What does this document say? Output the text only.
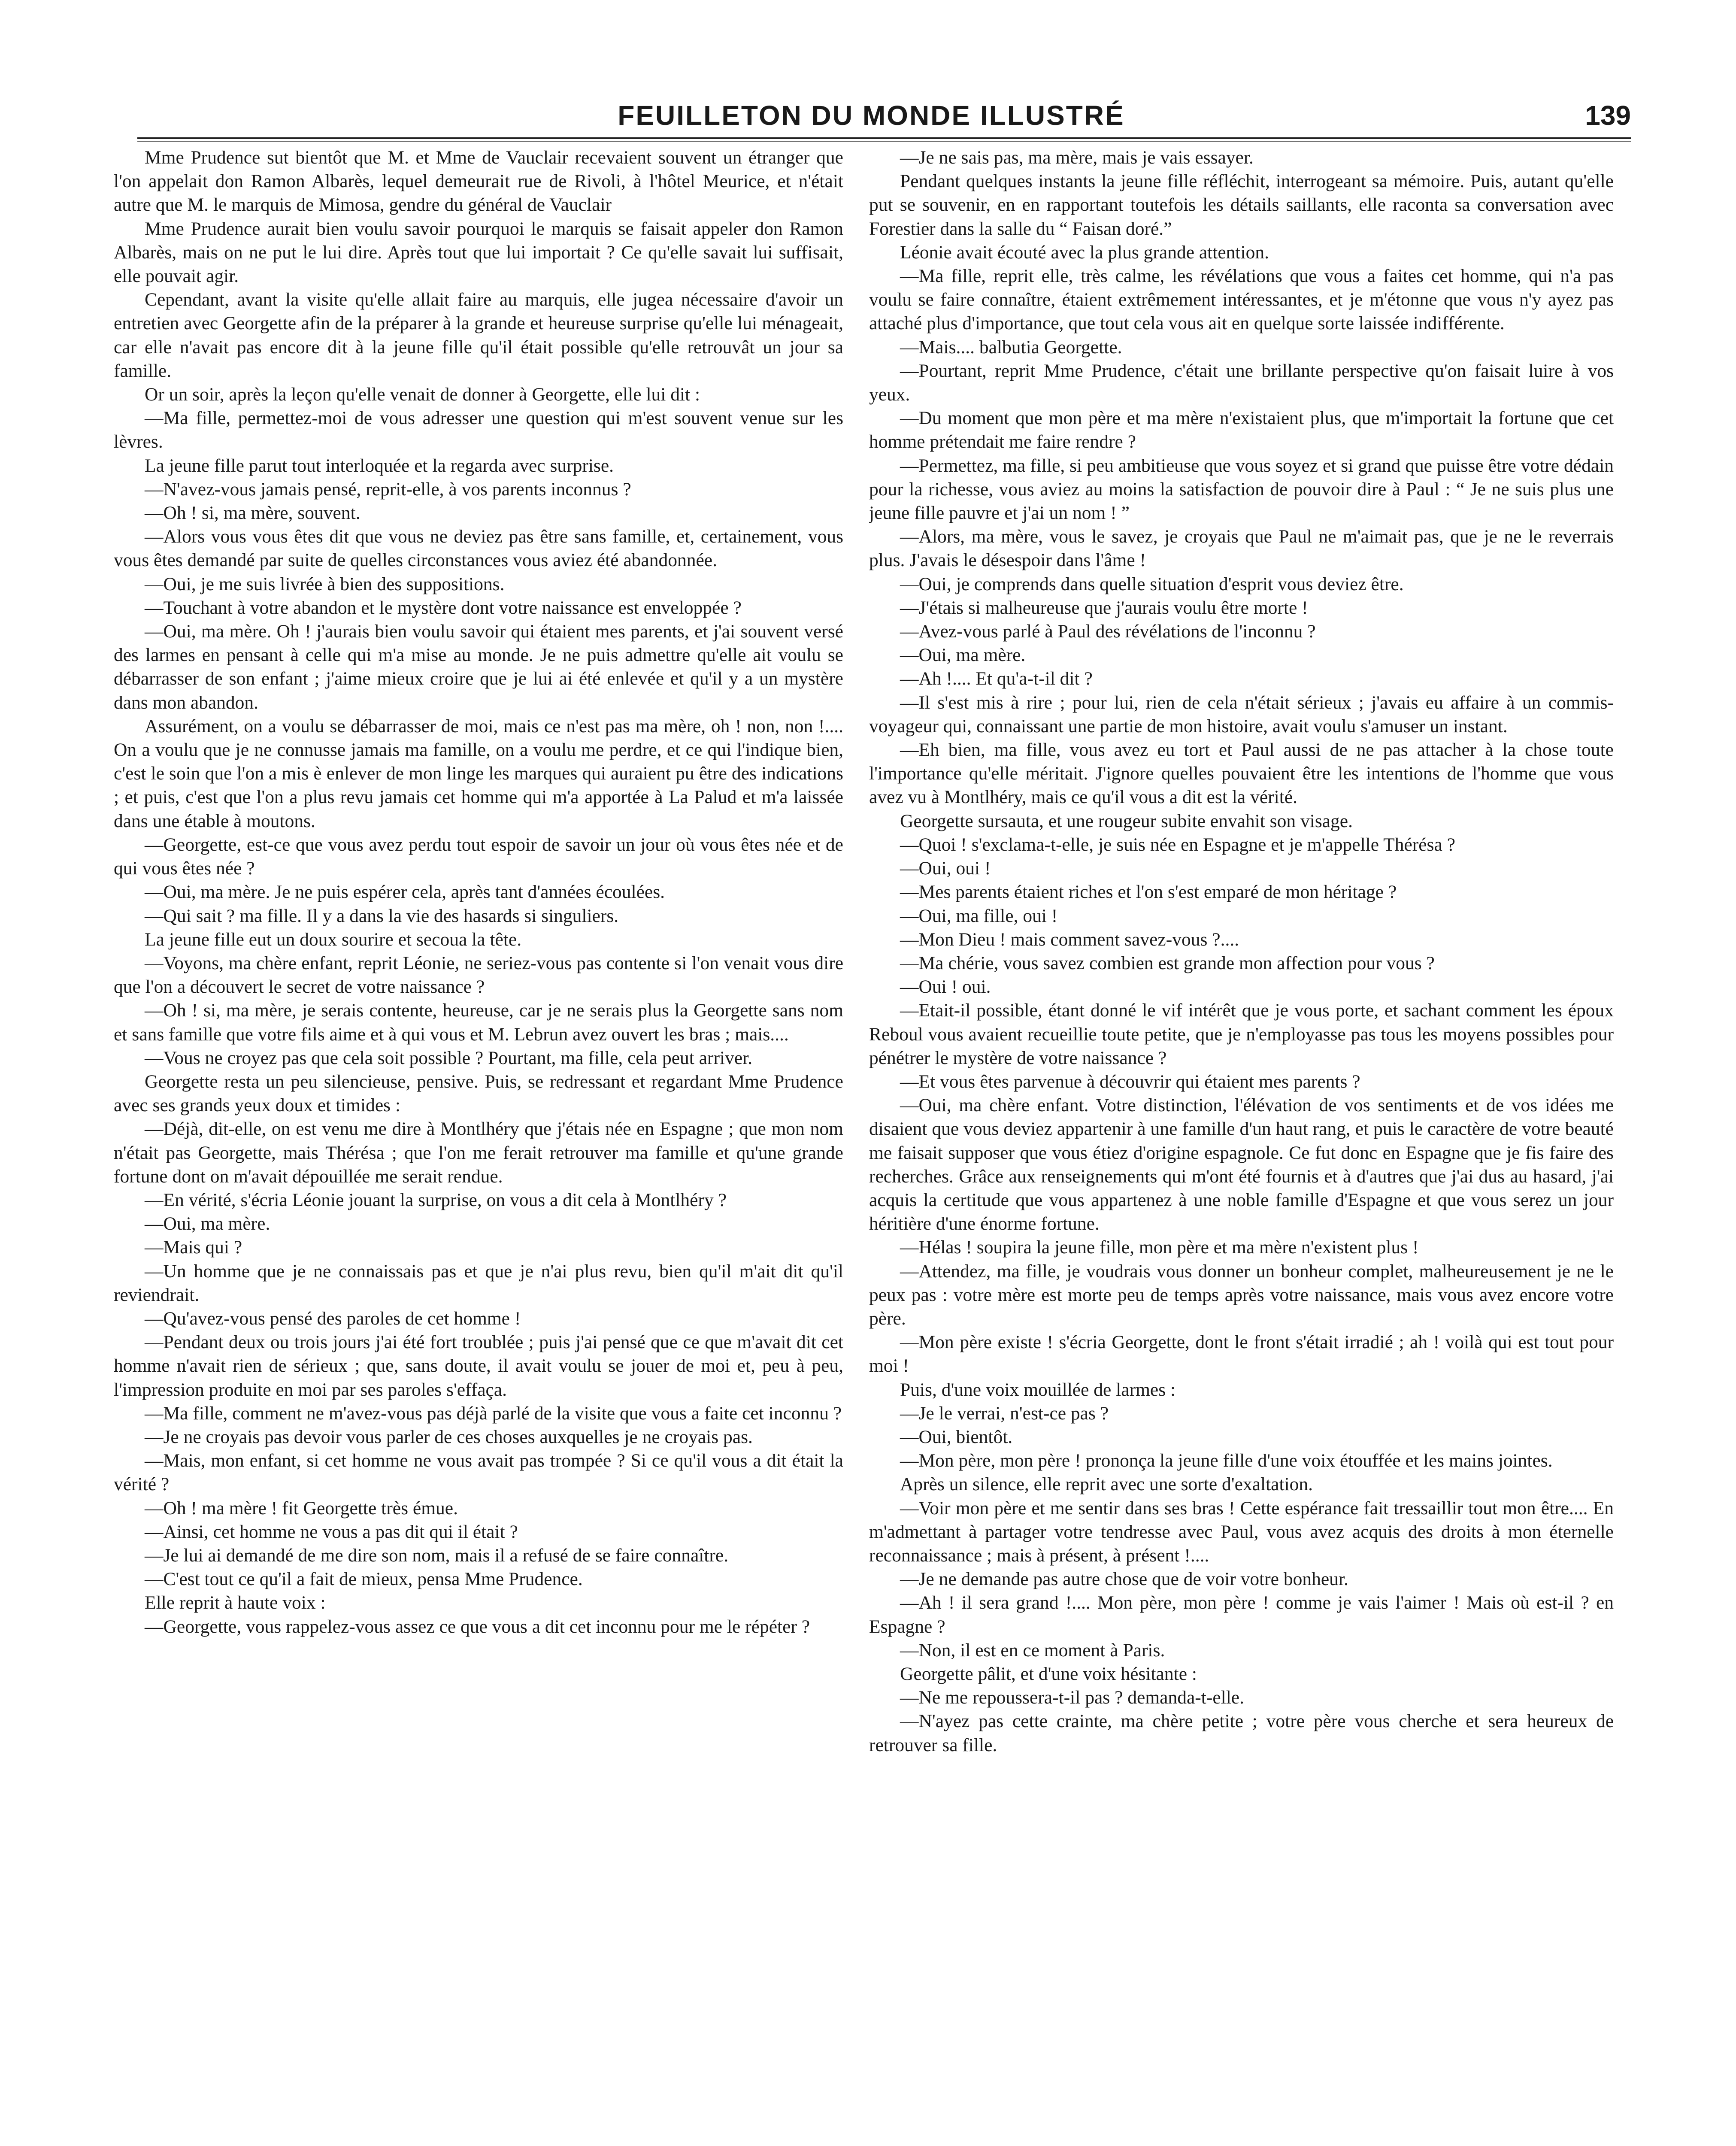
FEUILLETON DU MONDE ILLUSTRÉ	139

Mme Prudence sut bientôt que M. et Mme de Vauclair recevaient souvent un étranger que l'on appelait don Ramon Albarès, lequel demeurait rue de Rivoli, à l'hôtel Meurice, et n'était autre que M. le marquis de Mimosa, gendre du général de Vauclair

Mme Prudence aurait bien voulu savoir pourquoi le marquis se faisait appeler don Ramon Albarès, mais on ne put le lui dire. Après tout que lui importait ? Ce qu'elle savait lui suffisait, elle pouvait agir.

Cependant, avant la visite qu'elle allait faire au marquis, elle jugea nécessaire d'avoir un entretien avec Georgette afin de la préparer à la grande et heureuse surprise qu'elle lui ménageait, car elle n'avait pas encore dit à la jeune fille qu'il était possible qu'elle retrouvât un jour sa famille.

Or un soir, après la leçon qu'elle venait de donner à Georgette, elle lui dit :

—Ma fille, permettez-moi de vous adresser une question qui m'est souvent venue sur les lèvres.

La jeune fille parut tout interloquée et la regarda avec surprise.

—N'avez-vous jamais pensé, reprit-elle, à vos parents inconnus ?

—Oh ! si, ma mère, souvent.

—Alors vous vous êtes dit que vous ne deviez pas être sans famille, et, certainement, vous vous êtes demandé par suite de quelles circonstances vous aviez été abandonnée.

—Oui, je me suis livrée à bien des suppositions.

—Touchant à votre abandon et le mystère dont votre naissance est enveloppée ?

—Oui, ma mère. Oh ! j'aurais bien voulu savoir qui étaient mes parents, et j'ai souvent versé des larmes en pensant à celle qui m'a mise au monde. Je ne puis admettre qu'elle ait voulu se débarrasser de son enfant ; j'aime mieux croire que je lui ai été enlevée et qu'il y a un mystère dans mon abandon.

Assurément, on a voulu se débarrasser de moi, mais ce n'est pas ma mère, oh ! non, non !.... On a voulu que je ne connusse jamais ma famille, on a voulu me perdre, et ce qui l'indique bien, c'est le soin que l'on a mis è enlever de mon linge les marques qui auraient pu être des indications ; et puis, c'est que l'on a plus revu jamais cet homme qui m'a apportée à La Palud et m'a laissée dans une étable à moutons.

—Georgette, est-ce que vous avez perdu tout espoir de savoir un jour où vous êtes née et de qui vous êtes née ?

—Oui, ma mère. Je ne puis espérer cela, après tant d'années écoulées.

—Qui sait ? ma fille. Il y a dans la vie des hasards si singuliers.

La jeune fille eut un doux sourire et secoua la tête.

—Voyons, ma chère enfant, reprit Léonie, ne seriez-vous pas contente si l'on venait vous dire que l'on a découvert le secret de votre naissance ?

—Oh ! si, ma mère, je serais contente, heureuse, car je ne serais plus la Georgette sans nom et sans famille que votre fils aime et à qui vous et M. Lebrun avez ouvert les bras ; mais....

—Vous ne croyez pas que cela soit possible ? Pourtant, ma fille, cela peut arriver.

Georgette resta un peu silencieuse, pensive. Puis, se redressant et regardant Mme Prudence avec ses grands yeux doux et timides :

—Déjà, dit-elle, on est venu me dire à Montlhéry que j'étais née en Espagne ; que mon nom n'était pas Georgette, mais Thérésa ; que l'on me ferait retrouver ma famille et qu'une grande fortune dont on m'avait dépouillée me serait rendue.

—En vérité, s'écria Léonie jouant la surprise, on vous a dit cela à Montlhéry ?

—Oui, ma mère.

—Mais qui ?

—Un homme que je ne connaissais pas et que je n'ai plus revu, bien qu'il m'ait dit qu'il reviendrait.

—Qu'avez-vous pensé des paroles de cet homme !

—Pendant deux ou trois jours j'ai été fort troublée ; puis j'ai pensé que ce que m'avait dit cet homme n'avait rien de sérieux ; que, sans doute, il avait voulu se jouer de moi et, peu à peu, l'impression produite en moi par ses paroles s'effaça.

—Ma fille, comment ne m'avez-vous pas déjà parlé de la visite que vous a faite cet inconnu ?

—Je ne croyais pas devoir vous parler de ces choses auxquelles je ne croyais pas.

—Mais, mon enfant, si cet homme ne vous avait pas trompée ? Si ce qu'il vous a dit était la vérité ?

—Oh ! ma mère ! fit Georgette très émue.

—Ainsi, cet homme ne vous a pas dit qui il était ?

—Je lui ai demandé de me dire son nom, mais il a refusé de se faire connaître.

—C'est tout ce qu'il a fait de mieux, pensa Mme Prudence.

Elle reprit à haute voix :

—Georgette, vous rappelez-vous assez ce que vous a dit cet inconnu pour me le répéter ?

—Je ne sais pas, ma mère, mais je vais essayer.

Pendant quelques instants la jeune fille réfléchit, interrogeant sa mémoire. Puis, autant qu'elle put se souvenir, en en rapportant toutefois les détails saillants, elle raconta sa conversation avec Forestier dans la salle du “ Faisan doré.”

Léonie avait écouté avec la plus grande attention.

—Ma fille, reprit elle, très calme, les révélations que vous a faites cet homme, qui n'a pas voulu se faire connaître, étaient extrêmement intéressantes, et je m'étonne que vous n'y ayez pas attaché plus d'importance, que tout cela vous ait en quelque sorte laissée indifférente.

—Mais.... balbutia Georgette.

—Pourtant, reprit Mme Prudence, c'était une brillante perspective qu'on faisait luire à vos yeux.

—Du moment que mon père et ma mère n'existaient plus, que m'importait la fortune que cet homme prétendait me faire rendre ?

—Permettez, ma fille, si peu ambitieuse que vous soyez et si grand que puisse être votre dédain pour la richesse, vous aviez au moins la satisfaction de pouvoir dire à Paul : “ Je ne suis plus une jeune fille pauvre et j'ai un nom ! ”

—Alors, ma mère, vous le savez, je croyais que Paul ne m'aimait pas, que je ne le reverrais plus. J'avais le désespoir dans l'âme !

—Oui, je comprends dans quelle situation d'esprit vous deviez être.

—J'étais si malheureuse que j'aurais voulu être morte !

—Avez-vous parlé à Paul des révélations de l'inconnu ?

—Oui, ma mère.

—Ah !.... Et qu'a-t-il dit ?

—Il s'est mis à rire ; pour lui, rien de cela n'était sérieux ; j'avais eu affaire à un commis-voyageur qui, connaissant une partie de mon histoire, avait voulu s'amuser un instant.

—Eh bien, ma fille, vous avez eu tort et Paul aussi de ne pas attacher à la chose toute l'importance qu'elle méritait. J'ignore quelles pouvaient être les intentions de l'homme que vous avez vu à Montlhéry, mais ce qu'il vous a dit est la vérité.

Georgette sursauta, et une rougeur subite envahit son visage.

—Quoi ! s'exclama-t-elle, je suis née en Espagne et je m'appelle Thérésa ?

—Oui, oui !

—Mes parents étaient riches et l'on s'est emparé de mon héritage ?

—Oui, ma fille, oui !

—Mon Dieu ! mais comment savez-vous ?....

—Ma chérie, vous savez combien est grande mon affection pour vous ?

—Oui ! oui.

—Etait-il possible, étant donné le vif intérêt que je vous porte, et sachant comment les époux Reboul vous avaient recueillie toute petite, que je n'employasse pas tous les moyens possibles pour pénétrer le mystère de votre naissance ?

—Et vous êtes parvenue à découvrir qui étaient mes parents ?

—Oui, ma chère enfant. Votre distinction, l'élévation de vos sentiments et de vos idées me disaient que vous deviez appartenir à une famille d'un haut rang, et puis le caractère de votre beauté me faisait supposer que vous étiez d'origine espagnole. Ce fut donc en Espagne que je fis faire des recherches. Grâce aux renseignements qui m'ont été fournis et à d'autres que j'ai dus au hasard, j'ai acquis la certitude que vous appartenez à une noble famille d'Espagne et que vous serez un jour héritière d'une énorme fortune.

—Hélas ! soupira la jeune fille, mon père et ma mère n'existent plus !

—Attendez, ma fille, je voudrais vous donner un bonheur complet, malheureusement je ne le peux pas : votre mère est morte peu de temps après votre naissance, mais vous avez encore votre père.

—Mon père existe ! s'écria Georgette, dont le front s'était irradié ; ah ! voilà qui est tout pour moi !

Puis, d'une voix mouillée de larmes :

—Je le verrai, n'est-ce pas ?

—Oui, bientôt.

—Mon père, mon père ! prononça la jeune fille d'une voix étouffée et les mains jointes.

Après un silence, elle reprit avec une sorte d'exaltation.

—Voir mon père et me sentir dans ses bras ! Cette espérance fait tressaillir tout mon être.... En m'admettant à partager votre tendresse avec Paul, vous avez acquis des droits à mon éternelle reconnaissance ; mais à présent, à présent !....

—Je ne demande pas autre chose que de voir votre bonheur.

—Ah ! il sera grand !.... Mon père, mon père ! comme je vais l'aimer ! Mais où est-il ? en Espagne ?

—Non, il est en ce moment à Paris.

Georgette pâlit, et d'une voix hésitante :

—Ne me repoussera-t-il pas ? demanda-t-elle.

—N'ayez pas cette crainte, ma chère petite ; votre père vous cherche et sera heureux de retrouver sa fille.
